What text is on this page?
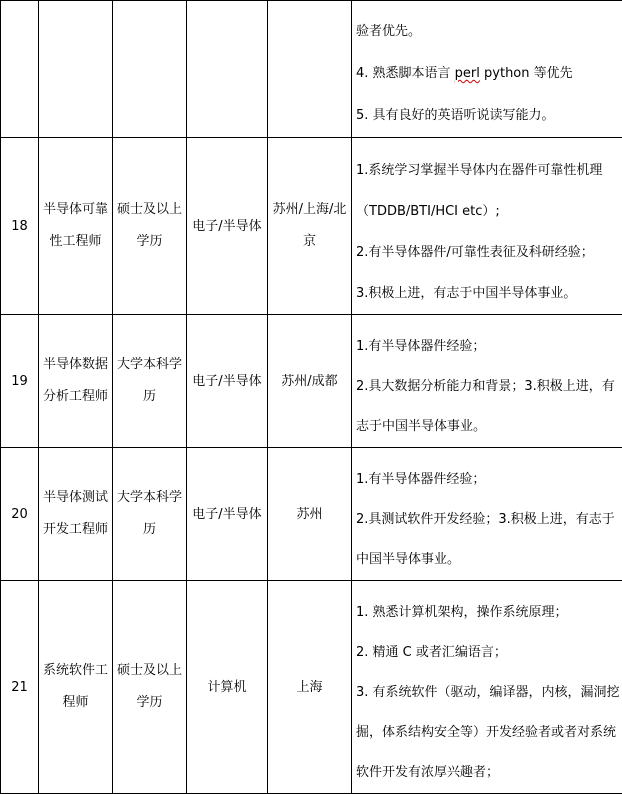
					验者优先。
4. 熟悉脚本语言 perl python 等优先
5. 具有良好的英语听说读写能力。

18	半导体可靠性工程师	硕士及以上学历	电子/半导体	苏州/上海/北京	1.系统学习掌握半导体内在器件可靠性机理
（TDDB/BTI/HCI etc）;
2.有半导体器件/可靠性表征及科研经验；
3.积极上进，有志于中国半导体事业。

19	半导体数据分析工程师	大学本科学历	电子/半导体	苏州/成都	1.有半导体器件经验；
2.具大数据分析能力和背景；3.积极上进，有
志于中国半导体事业。

20	半导体测试开发工程师	大学本科学历	电子/半导体	苏州	1.有半导体器件经验；
2.具测试软件开发经验；3.积极上进，有志于
中国半导体事业。

21	系统软件工程师	硕士及以上学历	计算机	上海	1. 熟悉计算机架构，操作系统原理；
2. 精通 C 或者汇编语言；
3. 有系统软件（驱动，编译器，内核，漏洞挖
掘，体系结构安全等）开发经验者或者对系统
软件开发有浓厚兴趣者；
